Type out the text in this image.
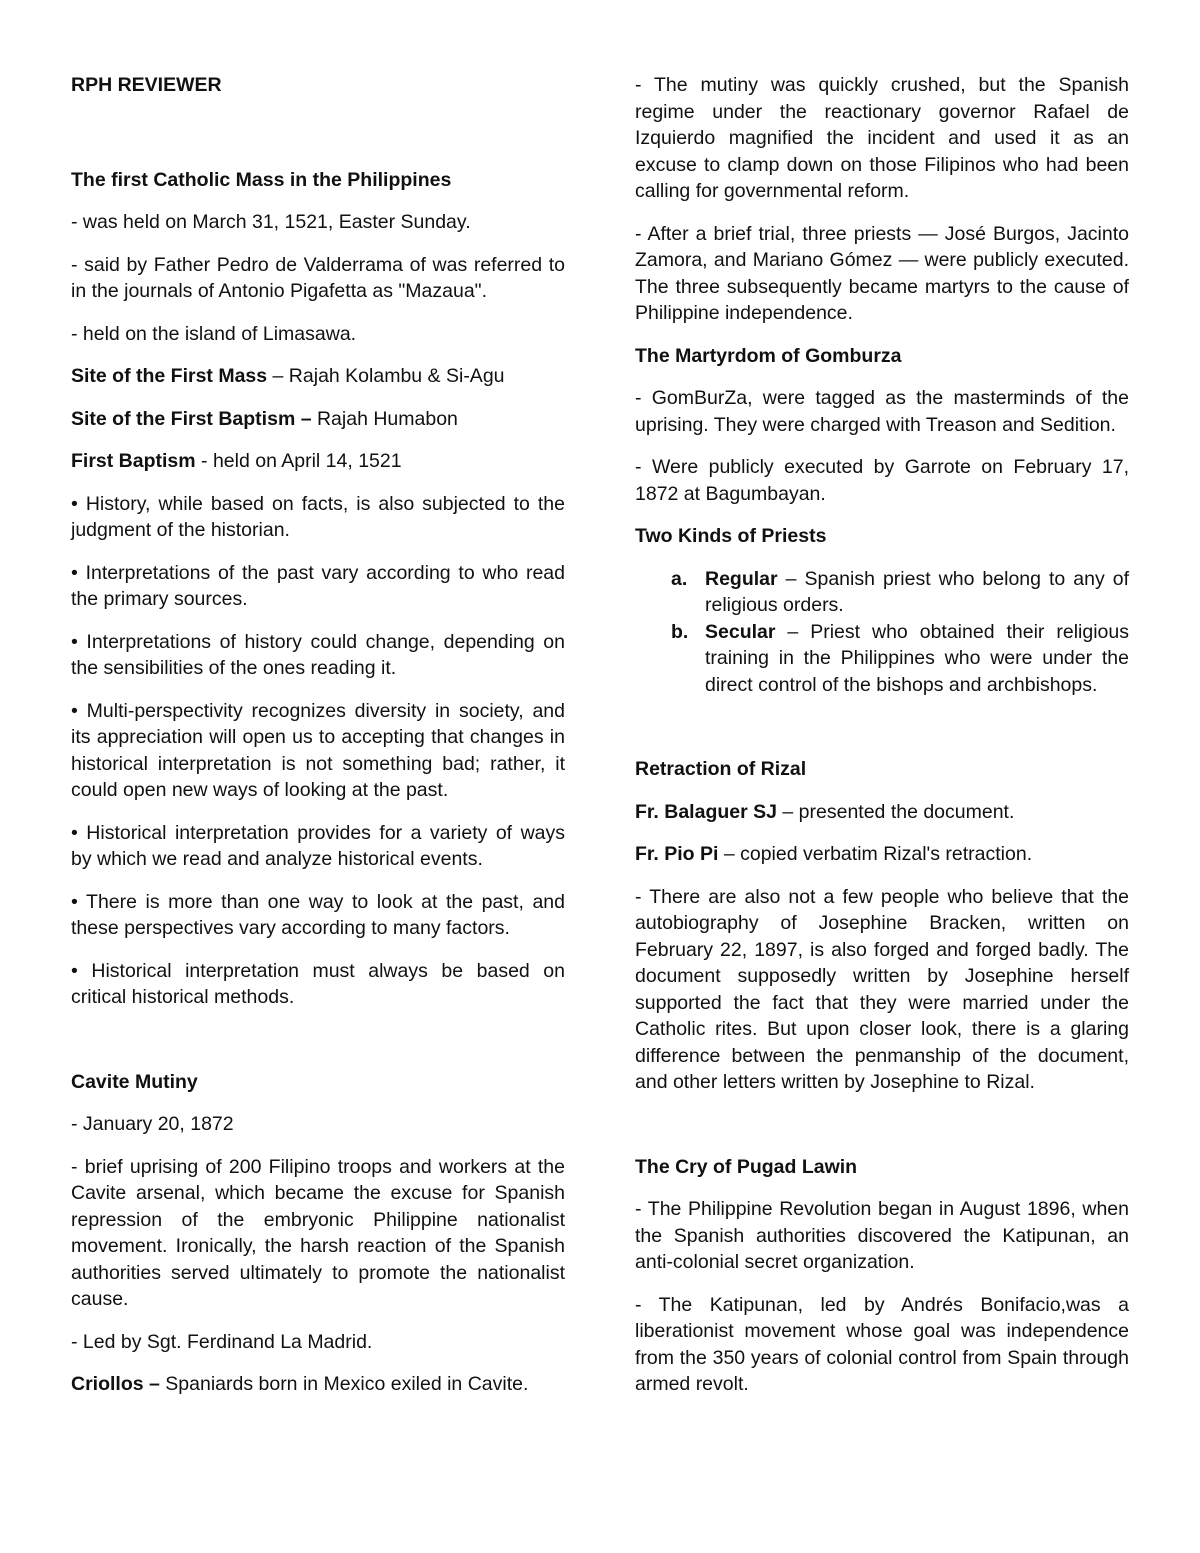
RPH REVIEWER

The first Catholic Mass in the Philippines

- was held on March 31, 1521, Easter Sunday.

- said by Father Pedro de Valderrama of was referred to in the journals of Antonio Pigafetta as "Mazaua".

- held on the island of Limasawa.

Site of the First Mass – Rajah Kolambu & Si-Agu

Site of the First Baptism – Rajah Humabon

First Baptism - held on April 14, 1521

• History, while based on facts, is also subjected to the judgment of the historian.

• Interpretations of the past vary according to who read the primary sources.

• Interpretations of history could change, depending on the sensibilities of the ones reading it.

• Multi-perspectivity recognizes diversity in society, and its appreciation will open us to accepting that changes in historical interpretation is not something bad; rather, it could open new ways of looking at the past.

• Historical interpretation provides for a variety of ways by which we read and analyze historical events.

• There is more than one way to look at the past, and these perspectives vary according to many factors.

• Historical interpretation must always be based on critical historical methods.

Cavite Mutiny

- January 20, 1872

- brief uprising of 200 Filipino troops and workers at the Cavite arsenal, which became the excuse for Spanish repression of the embryonic Philippine nationalist movement. Ironically, the harsh reaction of the Spanish authorities served ultimately to promote the nationalist cause.

- Led by Sgt. Ferdinand La Madrid.

Criollos – Spaniards born in Mexico exiled in Cavite.

- The mutiny was quickly crushed, but the Spanish regime under the reactionary governor Rafael de Izquierdo magnified the incident and used it as an excuse to clamp down on those Filipinos who had been calling for governmental reform.

- After a brief trial, three priests — José Burgos, Jacinto Zamora, and Mariano Gómez — were publicly executed. The three subsequently became martyrs to the cause of Philippine independence.

The Martyrdom of Gomburza

- GomBurZa, were tagged as the masterminds of the uprising. They were charged with Treason and Sedition.

- Were publicly executed by Garrote on February 17, 1872 at Bagumbayan.

Two Kinds of Priests

a. Regular – Spanish priest who belong to any of religious orders.
b. Secular – Priest who obtained their religious training in the Philippines who were under the direct control of the bishops and archbishops.

Retraction of Rizal

Fr. Balaguer SJ – presented the document.

Fr. Pio Pi – copied verbatim Rizal's retraction.

- There are also not a few people who believe that the autobiography of Josephine Bracken, written on February 22, 1897, is also forged and forged badly. The document supposedly written by Josephine herself supported the fact that they were married under the Catholic rites. But upon closer look, there is a glaring difference between the penmanship of the document, and other letters written by Josephine to Rizal.

The Cry of Pugad Lawin

- The Philippine Revolution began in August 1896, when the Spanish authorities discovered the Katipunan, an anti-colonial secret organization.

- The Katipunan, led by Andrés Bonifacio,was a liberationist movement whose goal was independence from the 350 years of colonial control from Spain through armed revolt.
